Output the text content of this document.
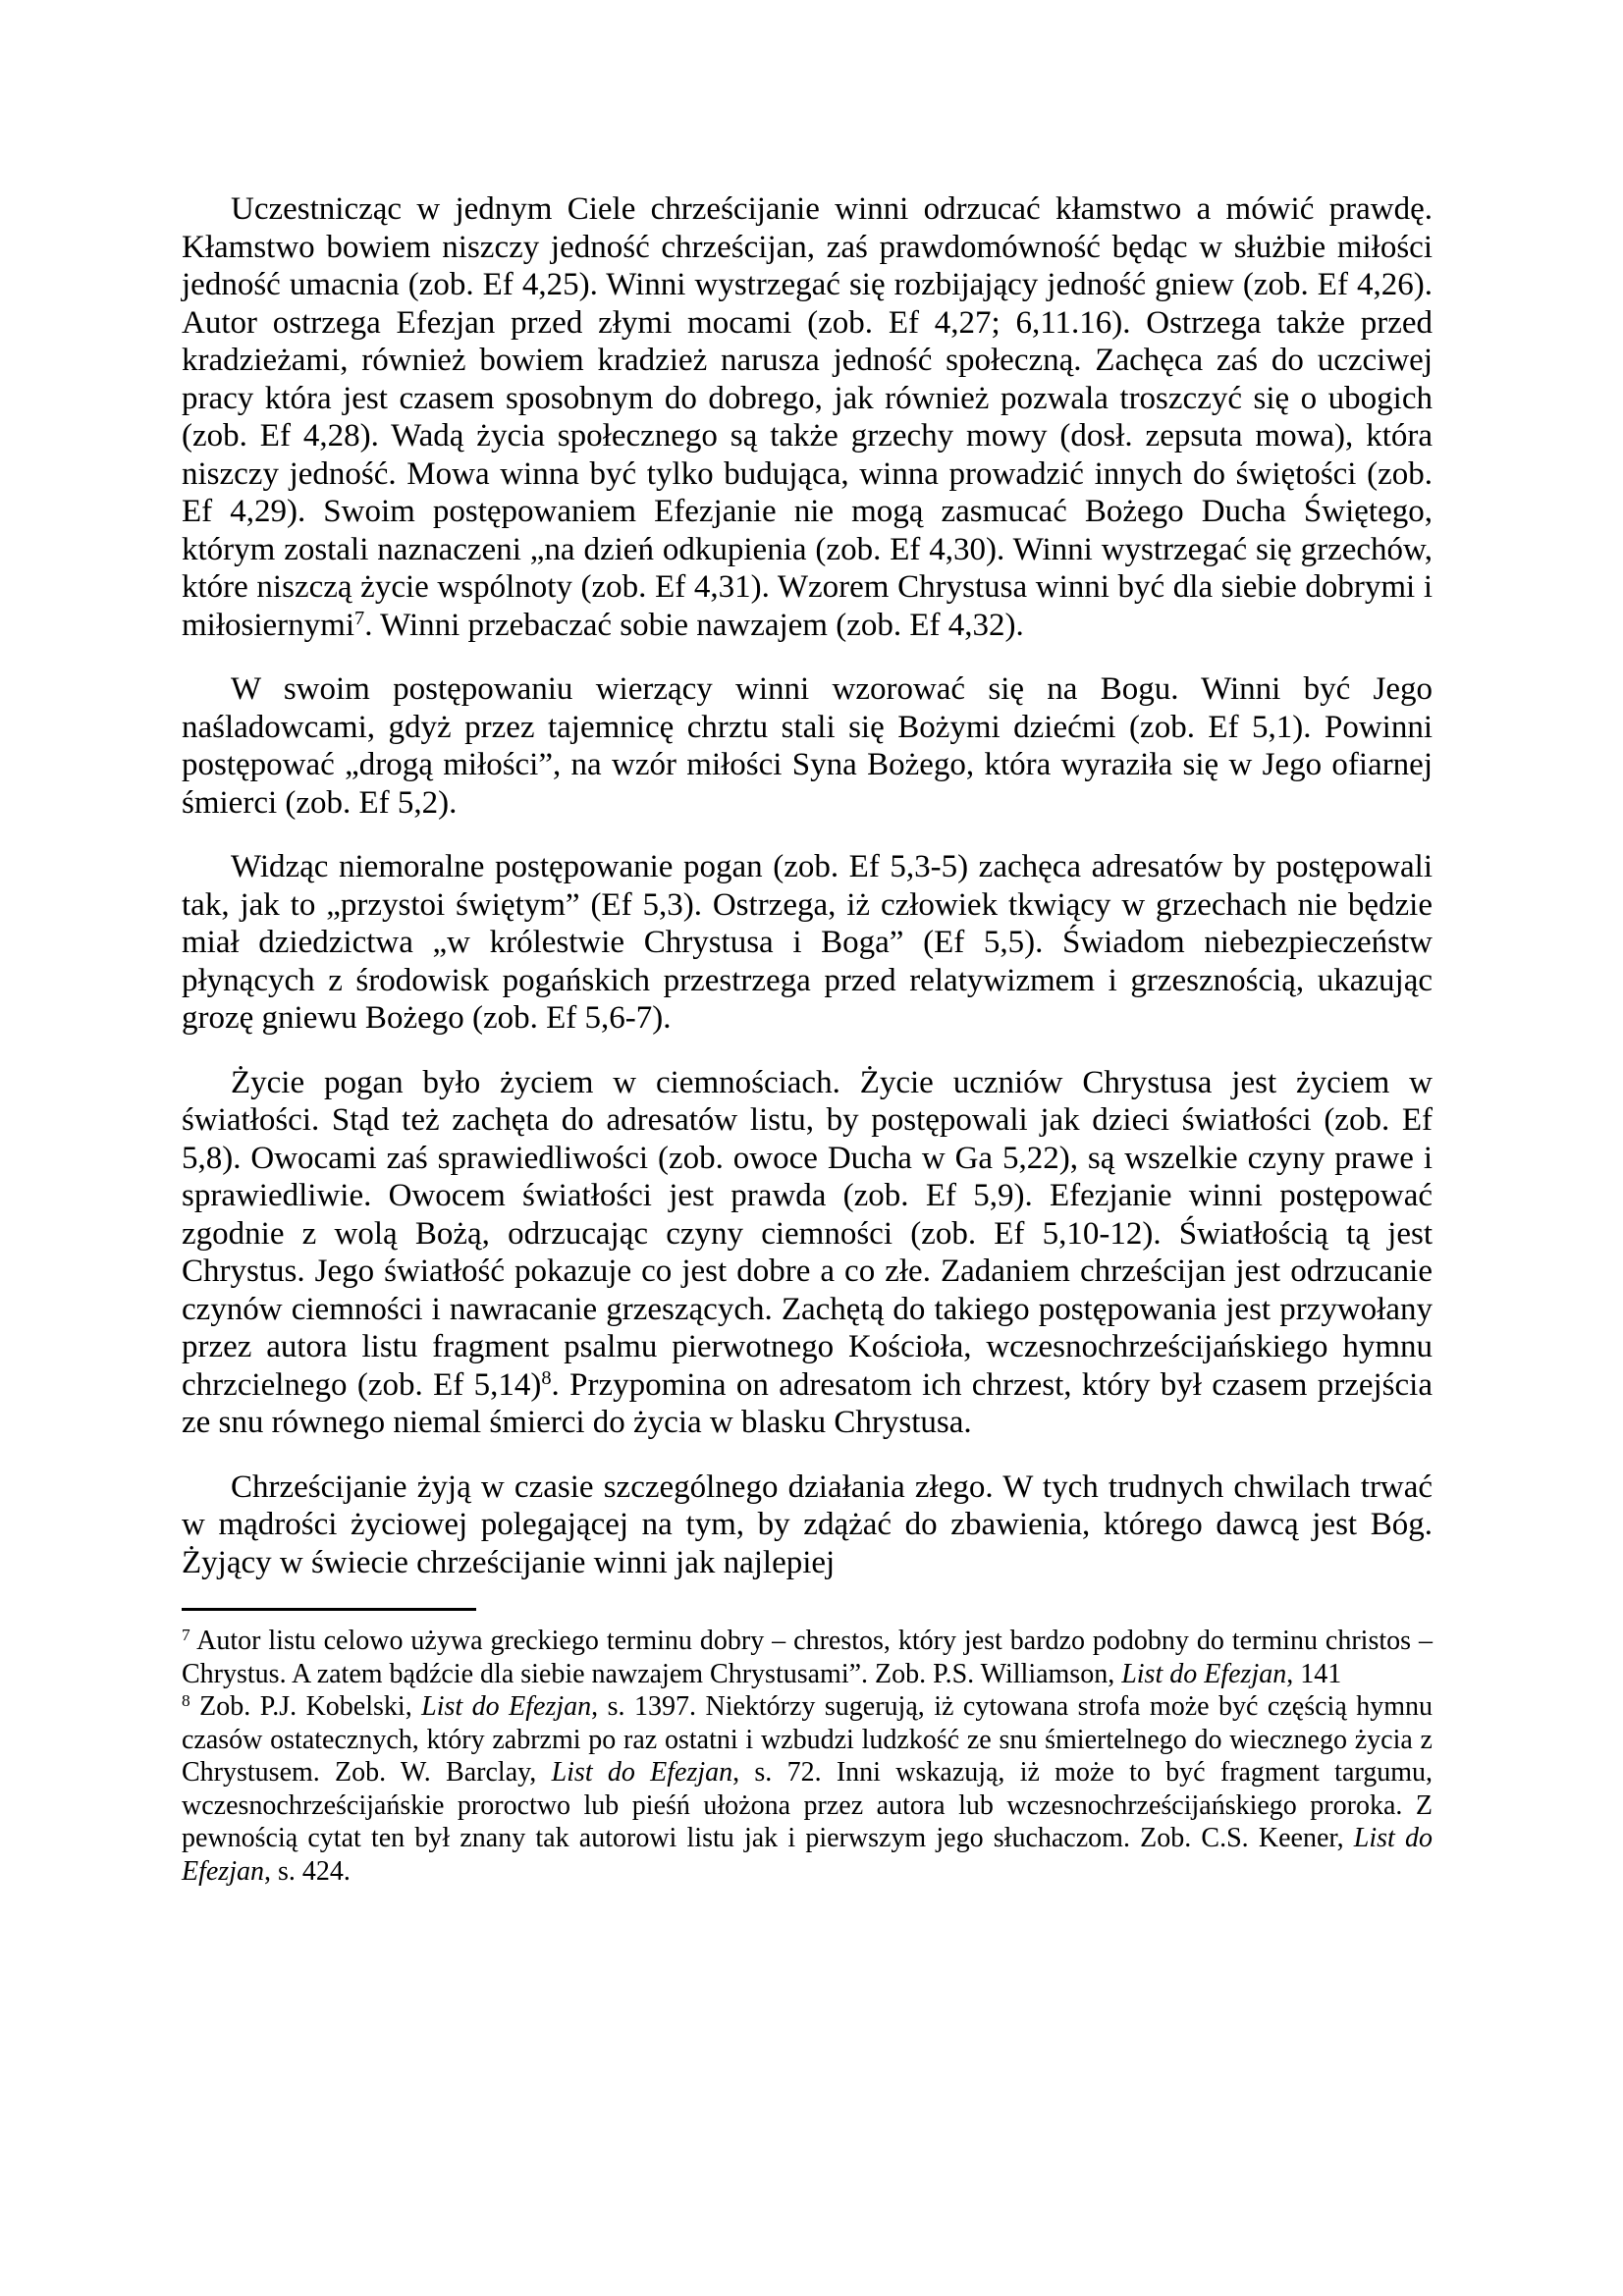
Uczestnicząc w jednym Ciele chrześcijanie winni odrzucać kłamstwo a mówić prawdę. Kłamstwo bowiem niszczy jedność chrześcijan, zaś prawdomówność będąc w służbie miłości jedność umacnia (zob. Ef 4,25). Winni wystrzegać się rozbijający jedność gniew (zob. Ef 4,26). Autor ostrzega Efezjan przed złymi mocami (zob. Ef 4,27; 6,11.16). Ostrzega także przed kradzieżami, również bowiem kradzież narusza jedność społeczną. Zachęca zaś do uczciwej pracy która jest czasem sposobnym do dobrego, jak również pozwala troszczyć się o ubogich (zob. Ef 4,28). Wadą życia społecznego są także grzechy mowy (dosł. zepsuta mowa), która niszczy jedność. Mowa winna być tylko budująca, winna prowadzić innych do świętości (zob. Ef 4,29). Swoim postępowaniem Efezjanie nie mogą zasmucać Bożego Ducha Świętego, którym zostali naznaczeni „na dzień odkupienia (zob. Ef 4,30). Winni wystrzegać się grzechów, które niszczą życie wspólnoty (zob. Ef 4,31). Wzorem Chrystusa winni być dla siebie dobrymi i miłosiernymi$^7$. Winni przebaczać sobie nawzajem (zob. Ef 4,32).

W swoim postępowaniu wierzący winni wzorować się na Bogu. Winni być Jego naśladowcami, gdyż przez tajemnicę chrztu stali się Bożymi dziećmi (zob. Ef 5,1). Powinni postępować „drogą miłości”, na wzór miłości Syna Bożego, która wyraziła się w Jego ofiarnej śmierci (zob. Ef 5,2).

Widząc niemoralne postępowanie pogan (zob. Ef 5,3-5) zachęca adresatów by postępowali tak, jak to „przystoi świętym” (Ef 5,3). Ostrzega, iż człowiek tkwiący w grzechach nie będzie miał dziedzictwa „w królestwie Chrystusa i Boga” (Ef 5,5). Świadom niebezpieczeństw płynących z środowisk pogańskich przestrzega przed relatywizmem i grzesznością, ukazując grozę gniewu Bożego (zob. Ef 5,6-7).

Życie pogan było życiem w ciemnościach. Życie uczniów Chrystusa jest życiem w światłości. Stąd też zachęta do adresatów listu, by postępowali jak dzieci światłości (zob. Ef 5,8). Owocami zaś sprawiedliwości (zob. owoce Ducha w Ga 5,22), są wszelkie czyny prawe i sprawiedliwie. Owocem światłości jest prawda (zob. Ef 5,9). Efezjanie winni postępować zgodnie z wolą Bożą, odrzucając czyny ciemności (zob. Ef 5,10-12). Światłością tą jest Chrystus. Jego światłość pokazuje co jest dobre a co złe. Zadaniem chrześcijan jest odrzucanie czynów ciemności i nawracanie grzeszących. Zachętą do takiego postępowania jest przywołany przez autora listu fragment psalmu pierwotnego Kościoła, wczesnochrześcijańskiego hymnu chrzcielnego (zob. Ef 5,14)$^8$. Przypomina on adresatom ich chrzest, który był czasem przejścia ze snu równego niemal śmierci do życia w blasku Chrystusa.

Chrześcijanie żyją w czasie szczególnego działania złego. W tych trudnych chwilach trwać w mądrości życiowej polegającej na tym, by zdążać do zbawienia, którego dawcą jest Bóg. Żyjący w świecie chrześcijanie winni jak najlepiej

$^7$ Autor listu celowo używa greckiego terminu dobry – chrestos, który jest bardzo podobny do terminu christos – Chrystus. A zatem bądźcie dla siebie nawzajem Chrystusami”. Zob. P.S. Williamson, List do Efezjan, 141

$^8$ Zob. P.J. Kobelski, List do Efezjan, s. 1397. Niektórzy sugerują, iż cytowana strofa może być częścią hymnu czasów ostatecznych, który zabrzmi po raz ostatni i wzbudzi ludzkość ze snu śmiertelnego do wiecznego życia z Chrystusem. Zob. W. Barclay, List do Efezjan, s. 72. Inni wskazują, iż może to być fragment targumu, wczesnochrześcijańskie proroctwo lub pieśń ułożona przez autora lub wczesnochrześcijańskiego proroka. Z pewnością cytat ten był znany tak autorowi listu jak i pierwszym jego słuchaczom. Zob. C.S. Keener, List do Efezjan, s. 424.
